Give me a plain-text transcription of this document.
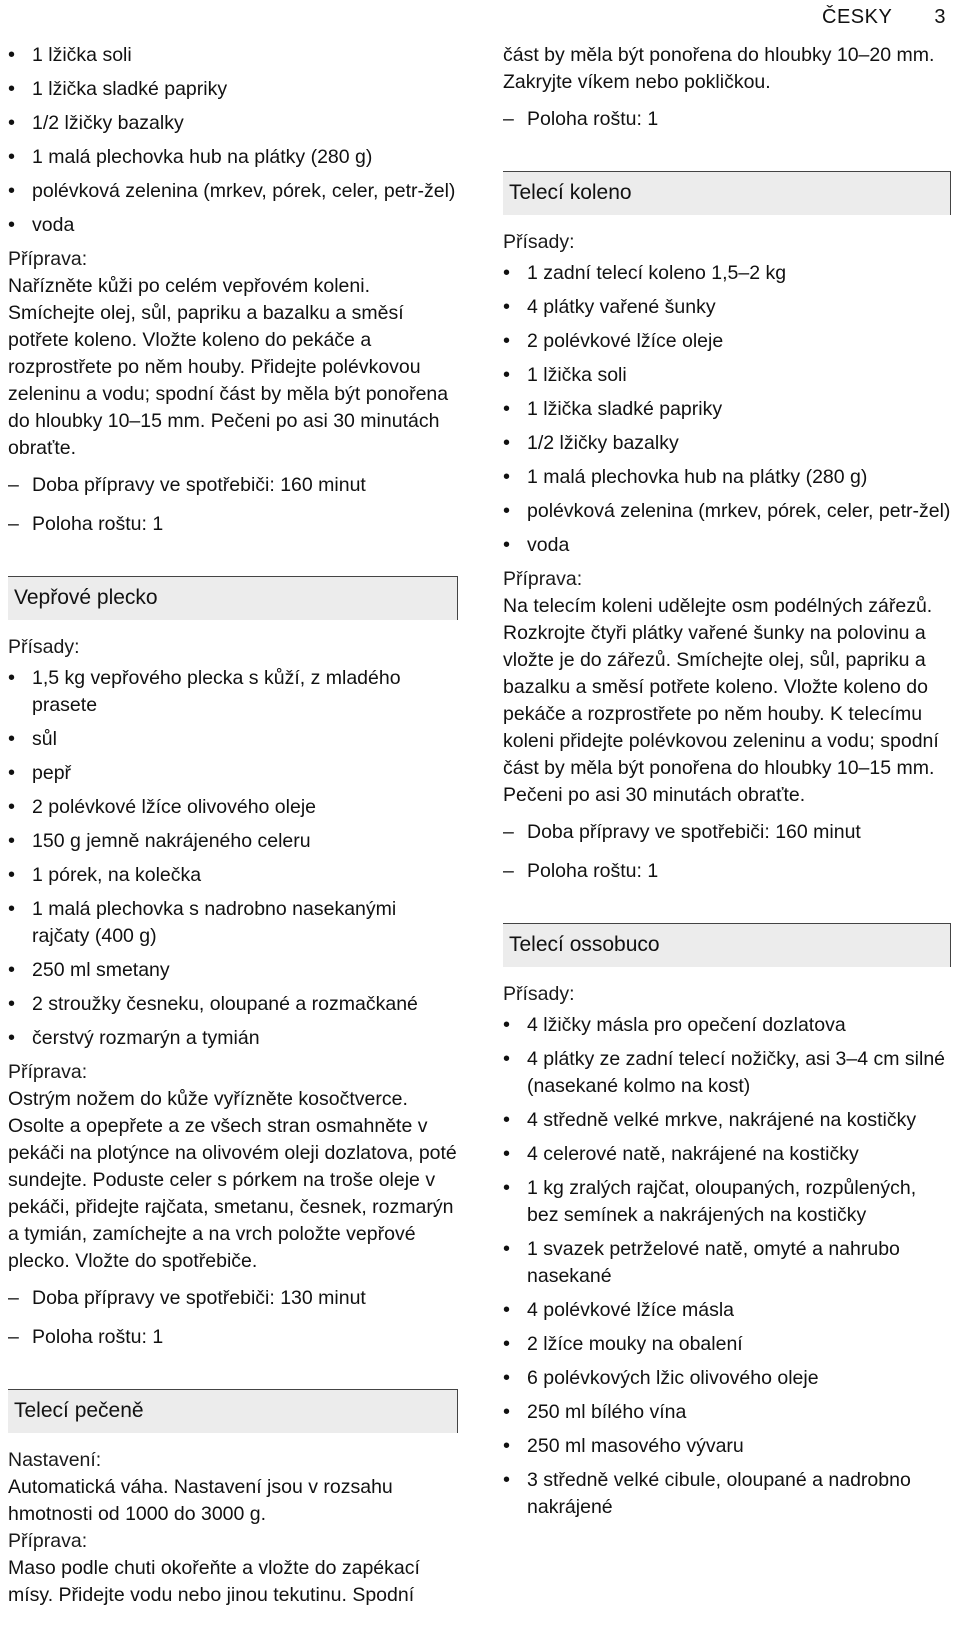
ČESKY 3
• 1 lžička soli
• 1 lžička sladké papriky
• 1/2 lžičky bazalky
• 1 malá plechovka hub na plátky (280 g)
• polévková zelenina (mrkev, pórek, celer, petr-žel)
• voda
Příprava:

Nařízněte kůži po celém vepřovém koleni. Smíchejte olej, sůl, papriku a bazalku a směsí potřete koleno. Vložte koleno do pekáče a rozprostřete po něm houby. Přidejte polévkovou zeleninu a vodu; spodní část by měla být ponořena do hloubky 10–15 mm. Pečeni po asi 30 minutách obraťte.

– Doba přípravy ve spotřebiči: 160 minut
– Poloha roštu: 1
Vepřové plecko
Přísady:
• 1,5 kg vepřového plecka s kůží, z mladého prasete
• sůl
• pepř
• 2 polévkové lžíce olivového oleje
• 150 g jemně nakrájeného celeru
• 1 pórek, na kolečka
• 1 malá plechovka s nadrobno nasekanými rajčaty (400 g)
• 250 ml smetany
• 2 stroužky česneku, oloupané a rozmačkané
• čerstvý rozmarýn a tymián
Příprava:

Ostrým nožem do kůže vyřízněte kosočtverce. Osolte a opepřete a ze všech stran osmahněte v pekáči na plotýnce na olivovém oleji dozlatova, poté sundejte. Poduste celer s pórkem na troše oleje v pekáči, přidejte rajčata, smetanu, česnek, rozmarýn a tymián, zamíchejte a na vrch položte vepřové plecko. Vložte do spotřebiče.

– Doba přípravy ve spotřebiči: 130 minut
– Poloha roštu: 1
Telecí pečeně
Nastavení:

Automatická váha. Nastavení jsou v rozsahu hmotnosti od 1000 do 3000 g.

Příprava:

Maso podle chuti okořeňte a vložte do zapékací mísy. Přidejte vodu nebo jinou tekutinu. Spodní

část by měla být ponořena do hloubky 10–20 mm. Zakryjte víkem nebo pokličkou.

– Poloha roštu: 1
Telecí koleno
Přísady:
• 1 zadní telecí koleno 1,5–2 kg
• 4 plátky vařené šunky
• 2 polévkové lžíce oleje
• 1 lžička soli
• 1 lžička sladké papriky
• 1/2 lžičky bazalky
• 1 malá plechovka hub na plátky (280 g)
• polévková zelenina (mrkev, pórek, celer, petr-žel)
• voda
Příprava:

Na telecím koleni udělejte osm podélných zářezů. Rozkrojte čtyři plátky vařené šunky na polovinu a vložte je do zářezů. Smíchejte olej, sůl, papriku a bazalku a směsí potřete koleno. Vložte koleno do pekáče a rozprostřete po něm houby. K telecímu koleni přidejte polévkovou zeleninu a vodu; spodní část by měla být ponořena do hloubky 10–15 mm. Pečeni po asi 30 minutách obraťte.

– Doba přípravy ve spotřebiči: 160 minut
– Poloha roštu: 1
Telecí ossobuco
Přísady:
• 4 lžičky másla pro opečení dozlatova
• 4 plátky ze zadní telecí nožičky, asi 3–4 cm silné (nasekané kolmo na kost)
• 4 středně velké mrkve, nakrájené na kostičky
• 4 celerové natě, nakrájené na kostičky
• 1 kg zralých rajčat, oloupaných, rozpůlených, bez semínek a nakrájených na kostičky
• 1 svazek petrželové natě, omyté a nahrubo nasekané
• 4 polévkové lžíce másla
• 2 lžíce mouky na obalení
• 6 polévkových lžic olivového oleje
• 250 ml bílého vína
• 250 ml masového vývaru
• 3 středně velké cibule, oloupané a nadrobno nakrájené
